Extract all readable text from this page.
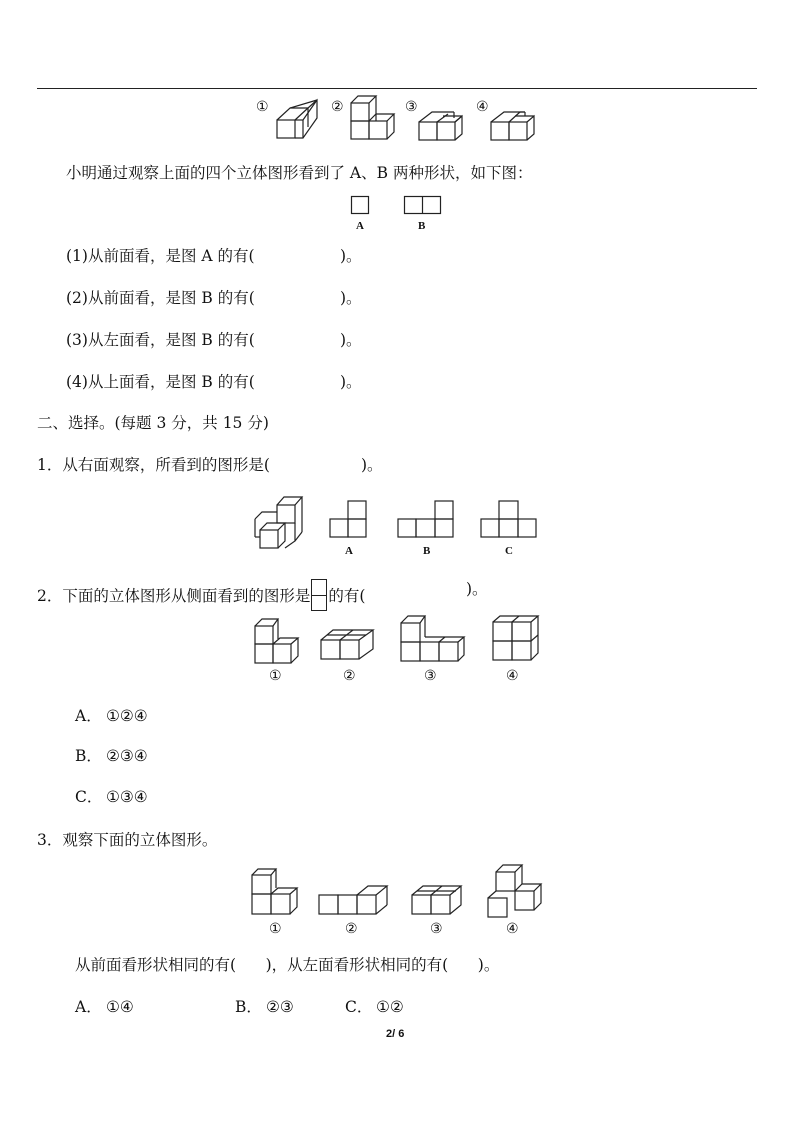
①	②	③	④
小明通过观察上面的四个立体图形看到了 A、B 两种形状，如下图：
A	B
(1)从前面看，是图 A 的有(	)。
(2)从前面看，是图 B 的有(	)。
(3)从左面看，是图 B 的有(	)。
(4)从上面看，是图 B 的有(	)。
二、选择。(每题 3 分，共 15 分)
1．从右面观察，所看到的图形是(	)。
A	B	C
2．下面的立体图形从侧面看到的图形是 的有(	)。
①	②	③	④
A． ①②④
B． ②③④
C． ①③④
3．观察下面的立体图形。
①	②	③	④
从前面看形状相同的有(      )，从左面看形状相同的有(      )。
A． ①④	B． ②③	C． ①②
2/ 6
